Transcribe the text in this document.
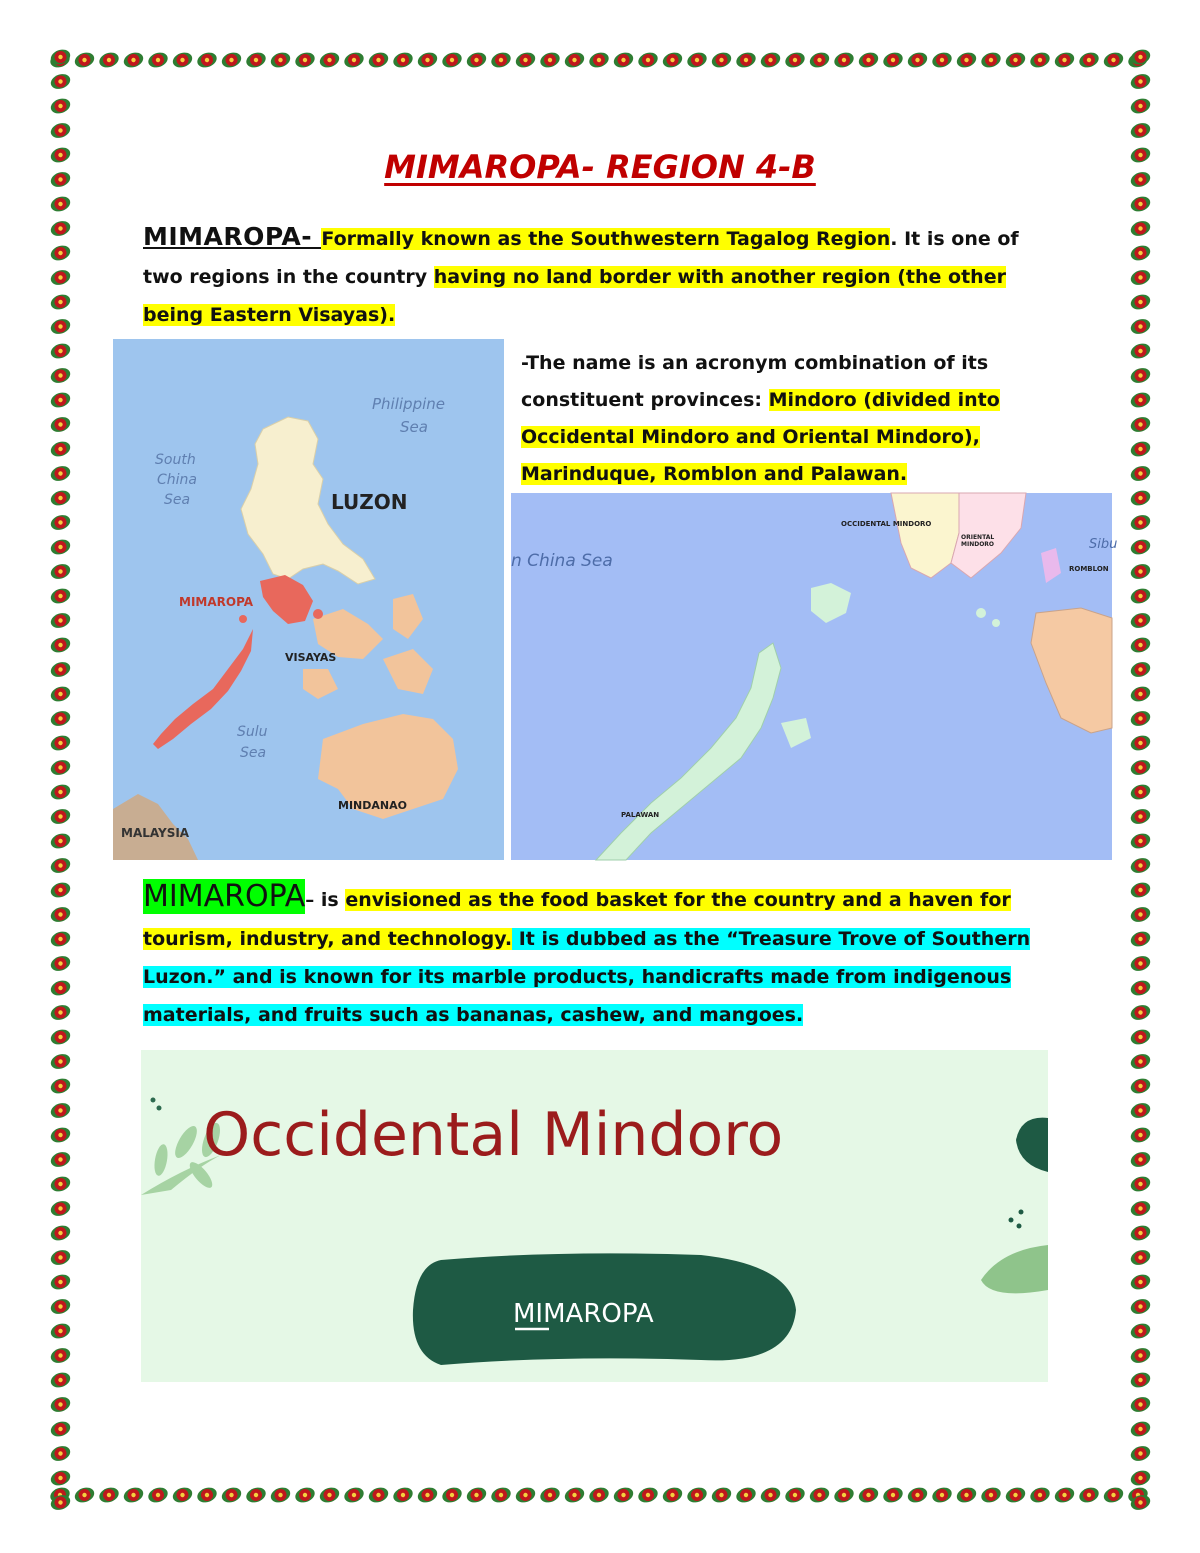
MIMAROPA- REGION 4-B
MIMAROPA- Formally known as the Southwestern Tagalog Region. It is one of two regions in the country having no land border with another region (the other being Eastern Visayas).
Philippine
Sea
South
China
Sea	LUZON
MIMAROPA
VISAYAS
Sulu
Sea
MINDANAO
MALAYSIA
-The name is an acronym combination of its constituent provinces: Mindoro (divided into Occidental Mindoro and Oriental Mindoro), Marinduque, Romblon and Palawan.
n China Sea
OCCIDENTAL MINDORO
ORIENTAL
MINDORO
ROMBLON
Sibu
PALAWAN
MIMAROPA– is envisioned as the food basket for the country and a haven for tourism, industry, and technology. It is dubbed as the “Treasure Trove of Southern Luzon.” and is known for its marble products, handicrafts made from indigenous materials, and fruits such as bananas, cashew, and mangoes.
Occidental Mindoro
MIMAROPA
